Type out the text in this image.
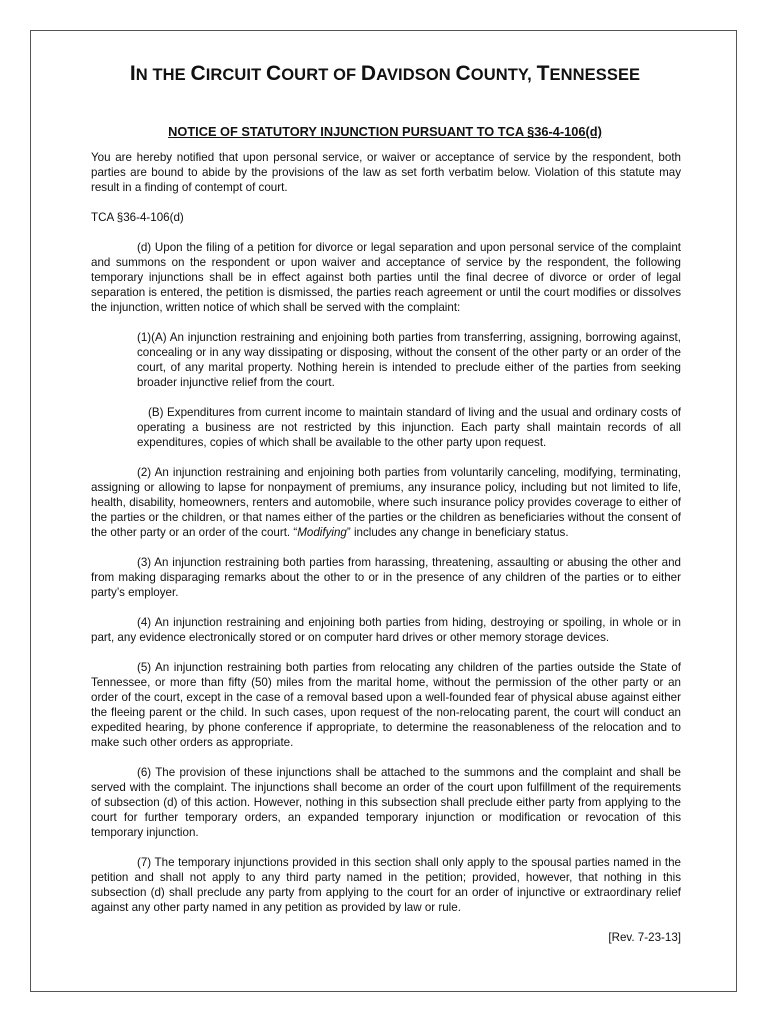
IN THE CIRCUIT COURT OF DAVIDSON COUNTY, TENNESSEE
NOTICE OF STATUTORY INJUNCTION PURSUANT TO TCA §36-4-106(d)

You are hereby notified that upon personal service, or waiver or acceptance of service by the respondent, both parties are bound to abide by the provisions of the law as set forth verbatim below. Violation of this statute may result in a finding of contempt of court.

TCA §36-4-106(d)

(d) Upon the filing of a petition for divorce or legal separation and upon personal service of the complaint and summons on the respondent or upon waiver and acceptance of service by the respondent, the following temporary injunctions shall be in effect against both parties until the final decree of divorce or order of legal separation is entered, the petition is dismissed, the parties reach agreement or until the court modifies or dissolves the injunction, written notice of which shall be served with the complaint:

(1)(A) An injunction restraining and enjoining both parties from transferring, assigning, borrowing against, concealing or in any way dissipating or disposing, without the consent of the other party or an order of the court, of any marital property. Nothing herein is intended to preclude either of the parties from seeking broader injunctive relief from the court.

(B) Expenditures from current income to maintain standard of living and the usual and ordinary costs of operating a business are not restricted by this injunction. Each party shall maintain records of all expenditures, copies of which shall be available to the other party upon request.

(2) An injunction restraining and enjoining both parties from voluntarily canceling, modifying, terminating, assigning or allowing to lapse for nonpayment of premiums, any insurance policy, including but not limited to life, health, disability, homeowners, renters and automobile, where such insurance policy provides coverage to either of the parties or the children, or that names either of the parties or the children as beneficiaries without the consent of the other party or an order of the court. “Modifying” includes any change in beneficiary status.

(3) An injunction restraining both parties from harassing, threatening, assaulting or abusing the other and from making disparaging remarks about the other to or in the presence of any children of the parties or to either party’s employer.

(4) An injunction restraining and enjoining both parties from hiding, destroying or spoiling, in whole or in part, any evidence electronically stored or on computer hard drives or other memory storage devices.

(5) An injunction restraining both parties from relocating any children of the parties outside the State of Tennessee, or more than fifty (50) miles from the marital home, without the permission of the other party or an order of the court, except in the case of a removal based upon a well-founded fear of physical abuse against either the fleeing parent or the child. In such cases, upon request of the non-relocating parent, the court will conduct an expedited hearing, by phone conference if appropriate, to determine the reasonableness of the relocation and to make such other orders as appropriate.

(6) The provision of these injunctions shall be attached to the summons and the complaint and shall be served with the complaint. The injunctions shall become an order of the court upon fulfillment of the requirements of subsection (d) of this action. However, nothing in this subsection shall preclude either party from applying to the court for further temporary orders, an expanded temporary injunction or modification or revocation of this temporary injunction.

(7) The temporary injunctions provided in this section shall only apply to the spousal parties named in the petition and shall not apply to any third party named in the petition; provided, however, that nothing in this subsection (d) shall preclude any party from applying to the court for an order of injunctive or extraordinary relief against any other party named in any petition as provided by law or rule.

[Rev. 7-23-13]
